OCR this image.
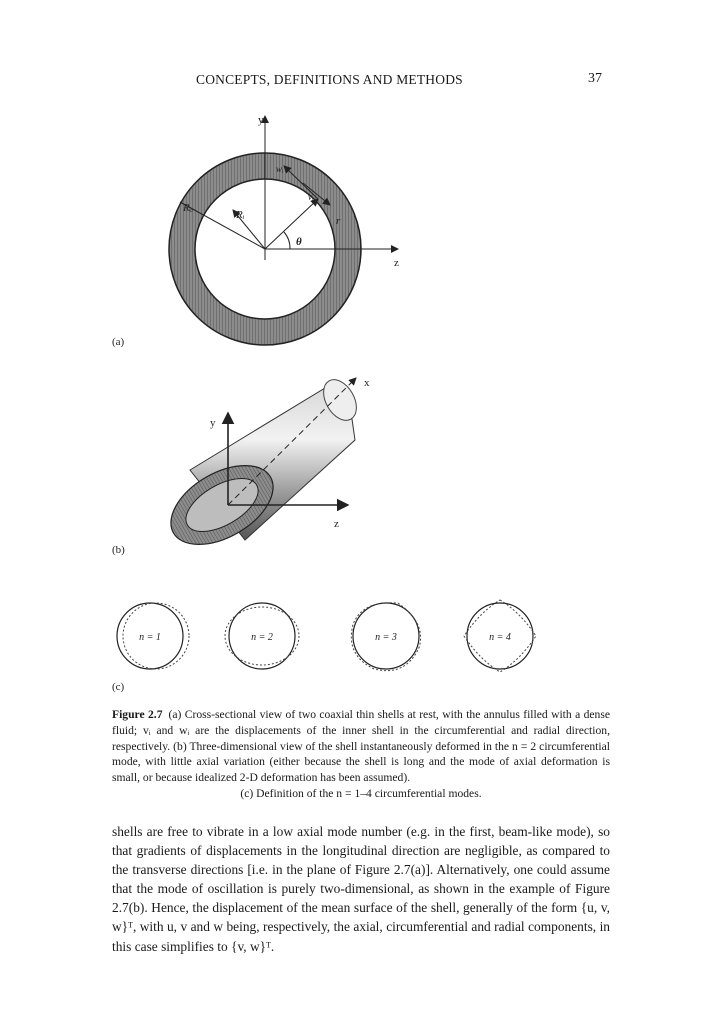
CONCEPTS, DEFINITIONS AND METHODS	37
y
z
Rₒ
Rᵢ	r
θ
wᵢ
vᵢ
(a)
x
y
z
(b)
n = 1	n = 2	n = 3	n = 4
(c)
Figure 2.7 (a) Cross-sectional view of two coaxial thin shells at rest, with the annulus filled with a dense fluid; vᵢ and wᵢ are the displacements of the inner shell in the circumferential and radial direction, respectively. (b) Three-dimensional view of the shell instantaneously deformed in the n = 2 circumferential mode, with little axial variation (either because the shell is long and the mode of axial deformation is small, or because idealized 2-D deformation has been assumed).
(c) Definition of the n = 1–4 circumferential modes.
shells are free to vibrate in a low axial mode number (e.g. in the first, beam-like mode), so that gradients of displacements in the longitudinal direction are negligible, as compared to the transverse directions [i.e. in the plane of Figure 2.7(a)]. Alternatively, one could assume that the mode of oscillation is purely two-dimensional, as shown in the example of Figure 2.7(b). Hence, the displacement of the mean surface of the shell, generally of the form {u, v, w}ᵀ, with u, v and w being, respectively, the axial, circumferential and radial components, in this case simplifies to {v, w}ᵀ.
